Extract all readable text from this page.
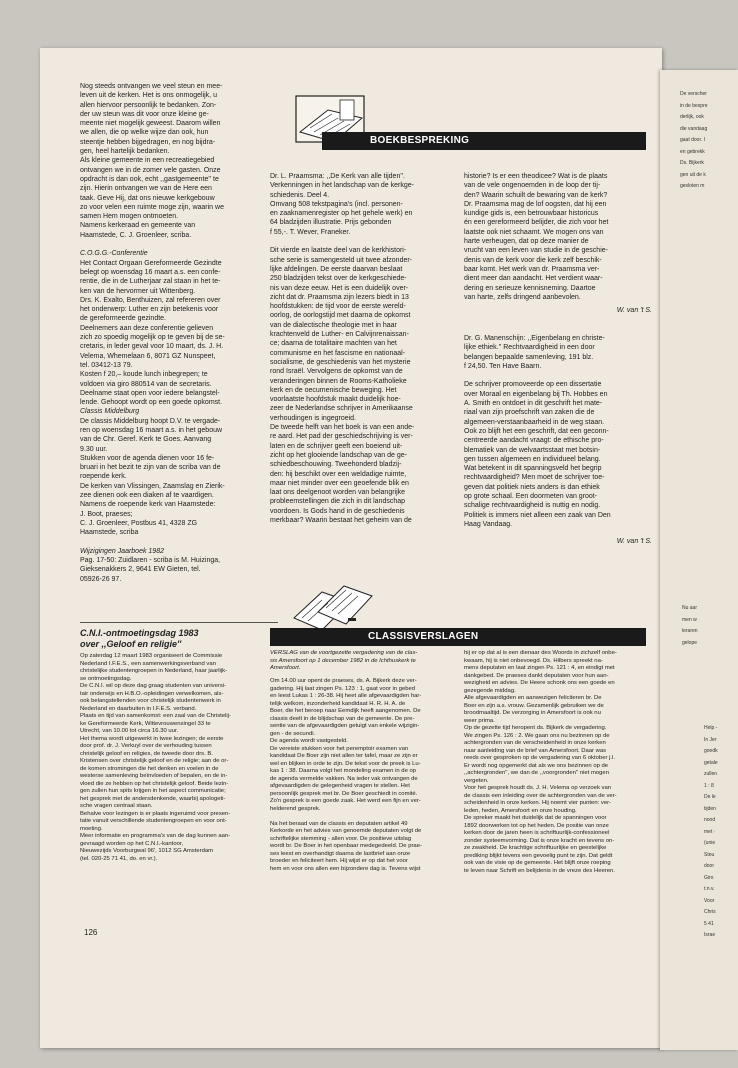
Nog steeds ontvangen we veel steun en mee-

leven uit de kerken. Het is ons onmogelijk, u

allen hiervoor persoonlijk te bedanken. Zon-

der uw steun was dit voor onze kleine ge-

meente niet mogelijk geweest. Daarom willen

we allen, die op welke wijze dan ook, hun

steentje hebben bijgedragen, en nog bijdra-

gen, heel hartelijk bedanken.

Als kleine gemeente in een recreatiegebied

ontvangen we in de zomer vele gasten. Onze

opdracht is dan ook, echt ,,gastgemeente'' te

zijn. Hierin ontvangen we van de Here een

taak. Geve Hij, dat ons nieuwe kerkgebouw

zo voor velen een ruimte moge zijn, waarin we

samen Hem mogen ontmoeten.

Namens kerkeraad en gemeente van

Haamstede, C. J. Groenleer, scriba.

C.O.G.G.-Conferentie

Het Contact Orgaan Gereformeerde Gezindte

belegt op woensdag 16 maart a.s. een confe-

rentie, die in de Lutherjaar zal staan in het te-

ken van de hervormer uit Wittenberg.

Drs. K. Exalto, Benthuizen, zal refereren over

het onderwerp: Luther en zijn betekenis voor

de gereformeerde gezindte.

Deelnemers aan deze conferentie gelieven

zich zo spoedig mogelijk op te geven bij de se-

cretaris, in leder geval voor 10 maart, ds. J. H.

Velema, Whemelaan 6, 8071 GZ Nunspeet,

tel. 03412-13 79.

Kosten f 20,– koude lunch inbegrepen; te

voldoen via giro 880514 van de secretaris.

Deelname staat open voor iedere belangstel-

lende. Gehoopt wordt op een goede opkomst.

Classis Middelburg

De classis Middelburg hoopt D.V. te vergade-

ren op woensdag 16 maart a.s. in het gebouw

van de Chr. Geref. Kerk te Goes. Aanvang

9.30 uur.

Stukken voor de agenda dienen voor 16 fe-

bruari in het bezit te zijn van de scriba van de

roepende kerk.

De kerken van Vlissingen, Zaamslag en Zierik-

zee dienen ook een diaken af te vaardigen.

Namens de roepende kerk van Haamstede:

J. Boot, praeses;

C. J. Groenleer, Postbus 41, 4328 ZG

Haamstede, scriba

Wijzigingen Jaarboek 1982

Pag. 17-50: Zuidlaren - scriba is M. Huizinga,

Gieksenakkers 2, 9641 EW Gieten, tel.

05926-26 97.

C.N.I.-ontmoetingsdag 1983
over ,,Geloof en religie''

Op zaterdag 12 maart 1983 organiseert de Commissie

Nederland I.F.E.S., een samenwerkingsverband van

christelijke studentengroepen in Nederland, haar jaarlijk-

se ontmoetingsdag.

De C.N.I. wil op deze dag graag studenten van universi-

tair onderwijs en H.B.O.-opleidingen verwelkomen, als-

ook belangstellenden voor christelijk studentenwerk in

Nederland en daarbuiten in I.F.E.S. verband.

Plaats en tijd van samenkomst: een zaal van de Christelij-

ke Gereformeerde Kerk, Wittevrouwensingel 33 te

Utrecht, van 10.00 tot circa 16.30 uur.

Het thema wordt uitgewerkt in twee lezingen; de eerste

door prof. dr. J. Verkuyl over de verhouding tussen

christelijk geloof en religies, de tweede door drs. B.

Kristensen over christelijk geloof en de religie; aan de or-

de komen stromingen die het denken en voelen in de

westerse samenleving beïnvloeden of bepalen, en de in-

vloed die ze hebben op het christelijk geloof. Beide lezin-

gen zullen hun spits krijgen in het aspect communicatie;

het gesprek met de andersdenkende, waarbij apologeti-

sche vragen centraal staan.

Behalve voor lezingen is er plaats ingeruimd voor presen-

tatie vanuit verschillende studentengroepen en voor ont-

moeting.

Meer informatie en programma's van de dag kunnen aan-

gevraagd worden op het C.N.I.-kantoor,

Nieuwezijds Voorburgwal 96', 1012 SG Amsterdam

(tel. 020-25 71 41, do. en vr.).

126
BOEKBESPREKING

Dr. L. Praamsma: ,,De Kerk van alle tijden''.

Verkenningen in het landschap van de kerkge-

schiedenis. Deel 4.

Omvang 508 tekstpagina's (incl. personen-

en zaaknamenregister op het gehele werk) en

64 bladzijden illustratie. Prijs gebonden

f 55,-. T. Wever, Franeker.

Dit vierde en laatste deel van de kerkhistori-

sche serie is samengesteld uit twee afzonder-

lijke afdelingen. De eerste daarvan beslaat

250 bladzijden tekst over de kerkgeschiede-

nis van deze eeuw. Het is een duidelijk over-

zicht dat dr. Praamsma zijn lezers biedt in 13

hoofdstukken: de tijd voor de eerste wereld-

oorlog, de oorlogstijd met daarna de opkomst

van de dialectische theologie met in haar

krachtenveld de Luther- en Calvijnrenaissan-

ce; daarna de totalitaire machten van het

communisme en het fascisme en nationaal-

socialisme, de geschiedenis van het mysterie

rond Israël. Vervolgens de opkomst van de

veranderingen binnen de Rooms-Katholieke

kerk en de oecumenische beweging. Het

voorlaatste hoofdstuk maakt duidelijk hoe-

zeer de Nederlandse schrijver in Amerikaanse

verhoudingen is ingegroeid.

De tweede helft van het boek is van een ande-

re aard. Het pad der geschiedschrijving is ver-

laten en de schrijver geeft een boeiend uit-

zicht op het glooiende landschap van de ge-

schiedbeschouwing. Tweehonderd bladzij-

den: hij beschikt over een weldadige ruimte,

maar niet minder over een geoefende blik en

laat ons deelgenoot worden van belangrijke

probleemstellingen die zich in dit landschap

voordoen. Is Gods hand in de geschiedenis

merkbaar? Waarin bestaat het geheim van de

historie? Is er een theodicee? Wat is de plaats

van de vele ongenoemden in de loop der tij-

den? Waarin schuilt de bewaring van de kerk?

Dr. Praamsma mag de lof oogsten, dat hij een

kundige gids is, een betrouwbaar historicus

én een gereformeerd belijder, die zich voor het

laatste ook niet schaamt. We mogen ons van

harte verheugen, dat op deze manier de

vrucht van een leven van studie in de geschie-

denis van de kerk voor die kerk zelf beschik-

baar komt. Het werk van dr. Praamsma ver-

dient meer dan aandacht. Het verdient waar-

dering en serieuze kennisneming. Daartoe

van harte, zelfs dringend aanbevolen.

W. van 't S.

Dr. G. Manenschijn: ,,Eigenbelang en christe-

lijke ethiek.'' Rechtvaardigheid in een door

belangen bepaalde samenleving, 191 blz.

f 24,50. Ten Have Baarn.

De schrijver promoveerde op een dissertatie

over Moraal en eigenbelang bij Th. Hobbes en

A. Smith en ontdoet in dit geschrift het mate-

riaal van zijn proefschrift van zaken die de

algemeen-verstaanbaarheid in de weg staan.

Ook zo blijft het een geschrift, dat een geconn-

centreerde aandacht vraagt: de ethische pro-

blematiek van de welvaartsstaat met botsin-

gen tussen algemeen en individueel belang.

Wat betekent in dit spanningsveld het begrip

rechtvaardigheid? Men moet de schrijver toe-

geven dat politiek niets anders is dan ethiek

op grote schaal. Een doormeten van groot-

schalige rechtvaardigheid is nuttig en nodig.

Politiek is immers niet alleen een zaak van Den

Haag Vandaag.

W. van 't S.
CLASSISVERSLAGEN

VERSLAG van de voortgezette vergadering van de clas-

sis Amersfoort op 1 december 1982 in de Ichthuskerk te

Amersfoort.

Om 14.00 uur opent de praeses, ds. A. Bijkerk deze ver-

gadering. Hij laat zingen Ps. 123 : 1, gaat voor in gebed

en leest Lukas 1 : 26-38. Hij heet alle afgevaardigden har-

telijk welkom, inzonderheid kandidaat H. R. H. A. de

Boer, die het beroep naar Eemdijk heeft aangenomen. De

classis deelt in de blijdschap van de gemeente. De pre-

sentie van de afgevaardigden getuigt van enkele wijzigin-

gen - de secundi.

De agenda wordt vastgesteld.

De vereiste stukken voor het peremptoir examen van

kandidaat De Boer zijn niet allen ter tafel, maar ze zijn er

wel en blijken in orde te zijn. De tekst voor de preek is Lu-

kas 1 : 38. Daarna volgt het mondeling examen in de op

de agenda vermelde vakken. Na ieder vak ontvangen de

afgevaardigden de gelegenheid vragen te stellen. Het

persoonlijk gesprek met br. De Boer geschiedt in comité.

Zo'n gesprek is een goede zaak. Het werd een fijn en ver-

helderend gesprek.

Na het beraad van de classis en deputaten artikel 49

Kerkorde en het advies van genoemde deputaten volgt de

schriftelijke stemming - allen voor. De positieve uitslag

wordt br. De Boer in het openbaar medegedeeld. De prae-

ses leest en overhandigt daarna de lastbrief aan onze

broeder en feliciteert hem. Hij wijst er op dat het voor

hem en voor ons allen een bijzondere dag is. Tevens wijst

hij er op dat al is een dienaar des Woords in zichzelf onbe-

kwaam, hij is niet onbevoegd. Ds. Hilbers spreekt na-

mens deputaten en laat zingen Ps. 121 : 4, en eindigt met

dankgebed. De praeses dankt deputaten voor hun aan-

wezigheid en advies. De Heere schonk ons een goede en

gezegende middag.

Alle afgevaardigden en aanwezigen feliciteren br. De

Boer en zijn a.s. vrouw. Gezamenlijk gebruiken we de

broodmaaltijd. De verzorging in Amersfoort is ook nu

weer prima.

Op de gezette tijd heropent ds. Bijkerk de vergadering.

We zingen Ps. 126 : 2. We gaan ons nu bezinnen op de

achtergronden van de verscheidenheid in onze kerken

naar aanleiding van de brief van Amersfoort. Daar was

reeds over gesproken op de vergadering van 6 oktober j.l.

Er wordt nog opgemerkt dat als we ons bezinnen op de

,,achtergronden'', we dan de ,,voorgronden'' niet mogen

vergeten.

Voor het gesprek houdt ds. J. H. Velema op verzoek van

de classis een inleiding over de achtergronden van de ver-

scheidenheid in onze kerken. Hij noemt vier punten: ver-

leden, heden, Amersfoort en onze houding.

De spreker maakt het duidelijk dat de spanningen voor

1892 doorwerken tot op het heden. De positie van onze

kerken door de jaren heen is schriftuurlijk-confessioneel

zonder systeemvorming. Dat is onze kracht en tevens on-

ze zwakheid. De krachtige schriftuurlijke en geestelijke

prediking blijkt tevens een gevoelig punt te zijn. Dat geldt

ook van de visie op de gemeente. Het blijft onze roeping

te leven naar Schrift en belijdenis in de vreze des Heeren.

De verscher

in de bespre

derlijk, ook

die vandaag

gaat door. I

en gebrekk

Ds. Bijkerk

gen uit de k

gesloten m

Nu aar

men w

leraren

gelope

Help -

In Jer

goedk

getale

zullen

1 : 8

De le

tijden

nood

met ·

(unie

Steu

door

Giro

t.n.v.

Voor

Chris

5 41

Israe
